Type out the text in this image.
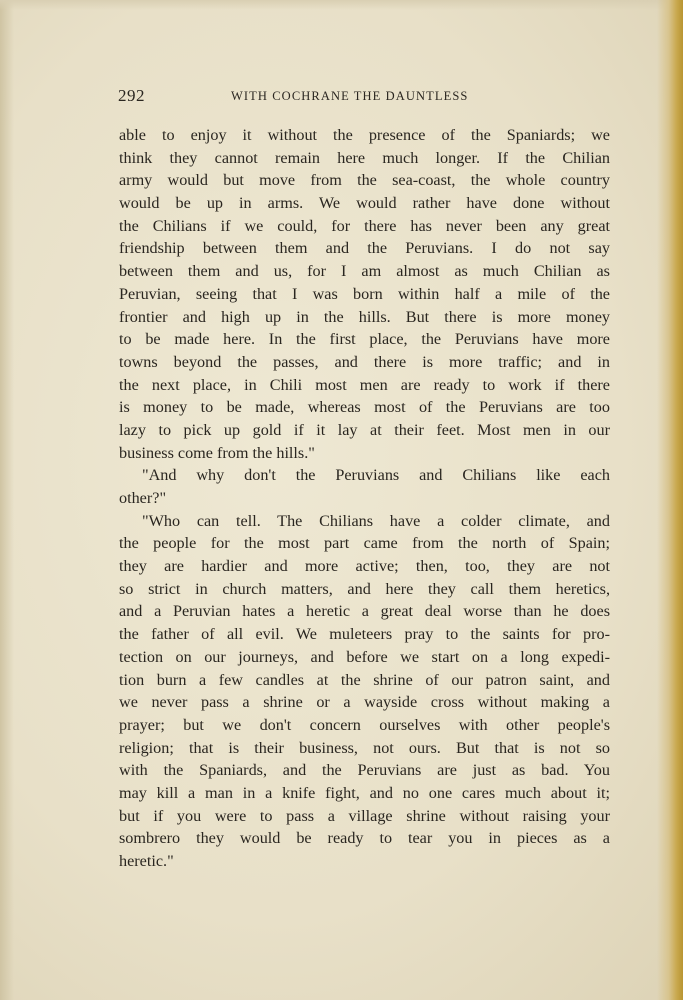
292	WITH COCHRANE THE DAUNTLESS
able to enjoy it without the presence of the Spaniards; we
think they cannot remain here much longer. If the Chilian
army would but move from the sea-coast, the whole country
would be up in arms. We would rather have done without
the Chilians if we could, for there has never been any great
friendship between them and the Peruvians. I do not say
between them and us, for I am almost as much Chilian as
Peruvian, seeing that I was born within half a mile of the
frontier and high up in the hills. But there is more money
to be made here. In the first place, the Peruvians have more
towns beyond the passes, and there is more traffic; and in
the next place, in Chili most men are ready to work if there
is money to be made, whereas most of the Peruvians are too
lazy to pick up gold if it lay at their feet. Most men in our
business come from the hills."
"And why don't the Peruvians and Chilians like each
other?"
"Who can tell. The Chilians have a colder climate, and
the people for the most part came from the north of Spain;
they are hardier and more active; then, too, they are not
so strict in church matters, and here they call them heretics,
and a Peruvian hates a heretic a great deal worse than he does
the father of all evil. We muleteers pray to the saints for pro-
tection on our journeys, and before we start on a long expedi-
tion burn a few candles at the shrine of our patron saint, and
we never pass a shrine or a wayside cross without making a
prayer; but we don't concern ourselves with other people's
religion; that is their business, not ours. But that is not so
with the Spaniards, and the Peruvians are just as bad. You
may kill a man in a knife fight, and no one cares much about it;
but if you were to pass a village shrine without raising your
sombrero they would be ready to tear you in pieces as a
heretic."
